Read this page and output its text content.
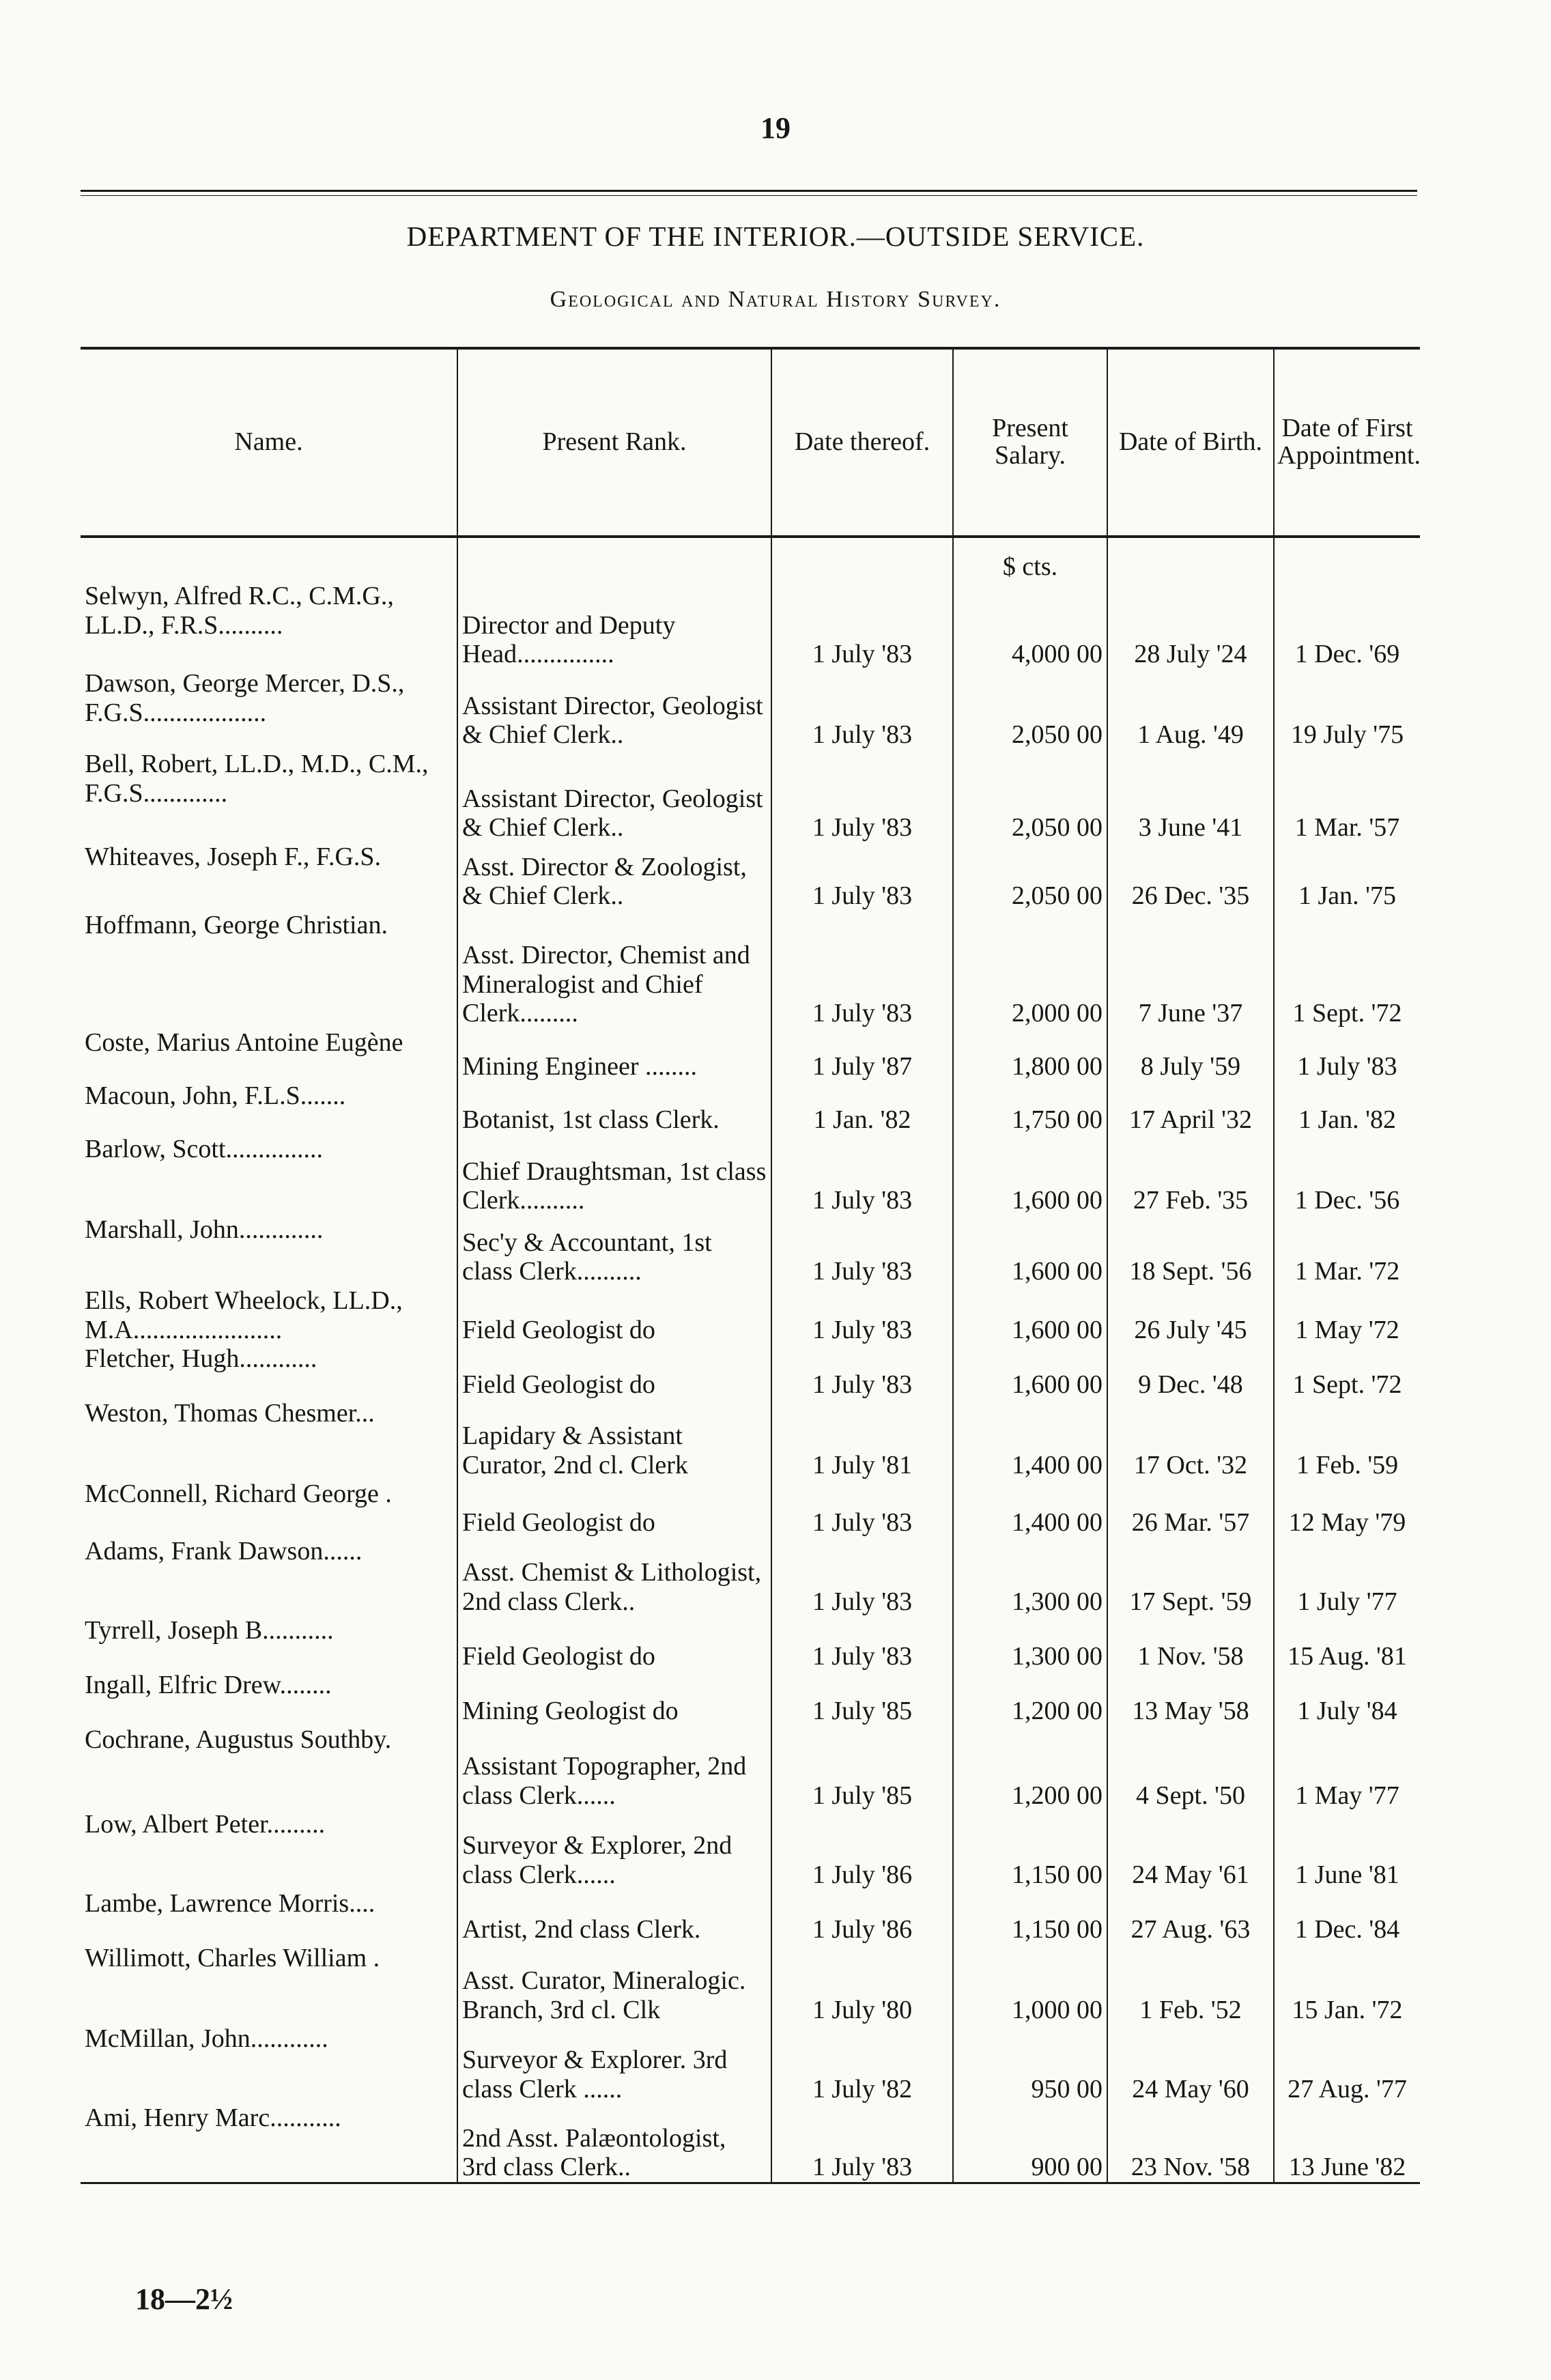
19
DEPARTMENT OF THE INTERIOR.—OUTSIDE SERVICE.
Geological and Natural History Survey.
Name.	Present Rank.	Date thereof.	Present Salary.	Date of Birth.	Date of First Appointment.
			$ cts.		
Selwyn, Alfred R.C., C.M.G., LL.D., F.R.S..........	Director and Deputy Head...............	1 July '83	4,000 00	28 July '24	1 Dec. '69
Dawson, George Mercer, D.S., F.G.S...................	Assistant Director, Geologist & Chief Clerk..	1 July '83	2,050 00	1 Aug. '49	19 July '75
Bell, Robert, LL.D., M.D., C.M., F.G.S.............	Assistant Director, Geologist & Chief Clerk..	1 July '83	2,050 00	3 June '41	1 Mar. '57
Whiteaves, Joseph F., F.G.S.	Asst. Director & Zoologist, & Chief Clerk..	1 July '83	2,050 00	26 Dec. '35	1 Jan. '75
Hoffmann, George Christian.	Asst. Director, Chemist and Mineralogist and Chief Clerk.........	1 July '83	2,000 00	7 June '37	1 Sept. '72
Coste, Marius Antoine Eugène	Mining Engineer ........	1 July '87	1,800 00	8 July '59	1 July '83
Macoun, John, F.L.S.......	Botanist, 1st class Clerk.	1 Jan. '82	1,750 00	17 April '32	1 Jan. '82
Barlow, Scott...............	Chief Draughtsman, 1st class Clerk..........	1 July '83	1,600 00	27 Feb. '35	1 Dec. '56
Marshall, John.............	Sec'y & Accountant, 1st class Clerk..........	1 July '83	1,600 00	18 Sept. '56	1 Mar. '72
Ells, Robert Wheelock, LL.D., M.A.......................	Field Geologist do	1 July '83	1,600 00	26 July '45	1 May '72
Fletcher, Hugh............	Field Geologist do	1 July '83	1,600 00	9 Dec. '48	1 Sept. '72
Weston, Thomas Chesmer...	Lapidary & Assistant Curator, 2nd cl. Clerk	1 July '81	1,400 00	17 Oct. '32	1 Feb. '59
McConnell, Richard George .	Field Geologist do	1 July '83	1,400 00	26 Mar. '57	12 May '79
Adams, Frank Dawson......	Asst. Chemist & Lithologist, 2nd class Clerk..	1 July '83	1,300 00	17 Sept. '59	1 July '77
Tyrrell, Joseph B...........	Field Geologist do	1 July '83	1,300 00	1 Nov. '58	15 Aug. '81
Ingall, Elfric Drew........	Mining Geologist do	1 July '85	1,200 00	13 May '58	1 July '84
Cochrane, Augustus Southby.	Assistant Topographer, 2nd class Clerk......	1 July '85	1,200 00	4 Sept. '50	1 May '77
Low, Albert Peter.........	Surveyor & Explorer, 2nd class Clerk......	1 July '86	1,150 00	24 May '61	1 June '81
Lambe, Lawrence Morris....	Artist, 2nd class Clerk.	1 July '86	1,150 00	27 Aug. '63	1 Dec. '84
Willimott, Charles William .	Asst. Curator, Mineralogic. Branch, 3rd cl. Clk	1 July '80	1,000 00	1 Feb. '52	15 Jan. '72
McMillan, John............	Surveyor & Explorer. 3rd class Clerk ......	1 July '82	950 00	24 May '60	27 Aug. '77
Ami, Henry Marc...........	2nd Asst. Palæontologist, 3rd class Clerk..	1 July '83	900 00	23 Nov. '58	13 June '82

18—2½
